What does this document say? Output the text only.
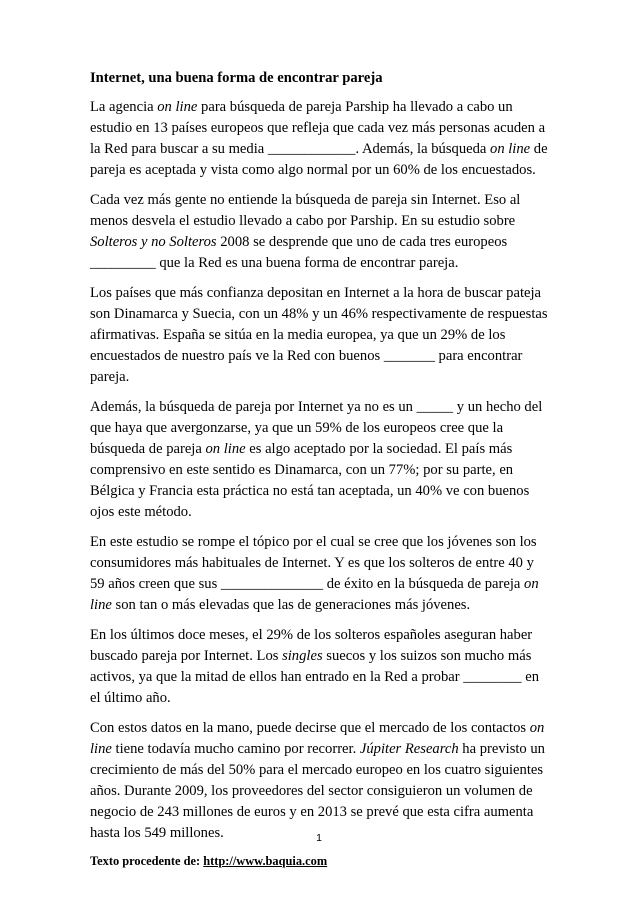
Internet, una buena forma de encontrar pareja

La agencia on line para búsqueda de pareja Parship ha llevado a cabo un estudio en 13 países europeos que refleja que cada vez más personas acuden a la Red para buscar a su media ____________. Además, la búsqueda on line de pareja es aceptada y vista como algo normal por un 60% de los encuestados.

Cada vez más gente no entiende la búsqueda de pareja sin Internet. Eso al menos desvela el estudio llevado a cabo por Parship. En su estudio sobre Solteros y no Solteros 2008 se desprende que uno de cada tres europeos _________ que la Red es una buena forma de encontrar pareja.

Los países que más confianza depositan en Internet a la hora de buscar pateja son Dinamarca y Suecia, con un 48% y un 46% respectivamente de respuestas afirmativas. España se sitúa en la media europea, ya que un 29% de los encuestados de nuestro país ve la Red con buenos _______ para encontrar pareja.

Además, la búsqueda de pareja por Internet ya no es un _____ y un hecho del que haya que avergonzarse, ya que un 59% de los europeos cree que la búsqueda de pareja on line es algo aceptado por la sociedad. El país más comprensivo en este sentido es Dinamarca, con un 77%; por su parte, en Bélgica y Francia esta práctica no está tan aceptada, un 40% ve con buenos ojos este método.

En este estudio se rompe el tópico por el cual se cree que los jóvenes son los consumidores más habituales de Internet. Y es que los solteros de entre 40 y 59 años creen que sus ______________ de éxito en la búsqueda de pareja on line son tan o más elevadas que las de generaciones más jóvenes.

En los últimos doce meses, el 29% de los solteros españoles aseguran haber buscado pareja por Internet. Los singles suecos y los suizos son mucho más activos, ya que la mitad de ellos han entrado en la Red a probar ________ en el último año.

Con estos datos en la mano, puede decirse que el mercado de los contactos on line tiene todavía mucho camino por recorrer. Júpiter Research ha previsto un crecimiento de más del 50% para el mercado europeo en los cuatro siguientes años. Durante 2009, los proveedores del sector consiguieron un volumen de negocio de 243 millones de euros y en 2013 se prevé que esta cifra aumenta hasta los 549 millones.

Texto procedente de: http://www.baquia.com
1
